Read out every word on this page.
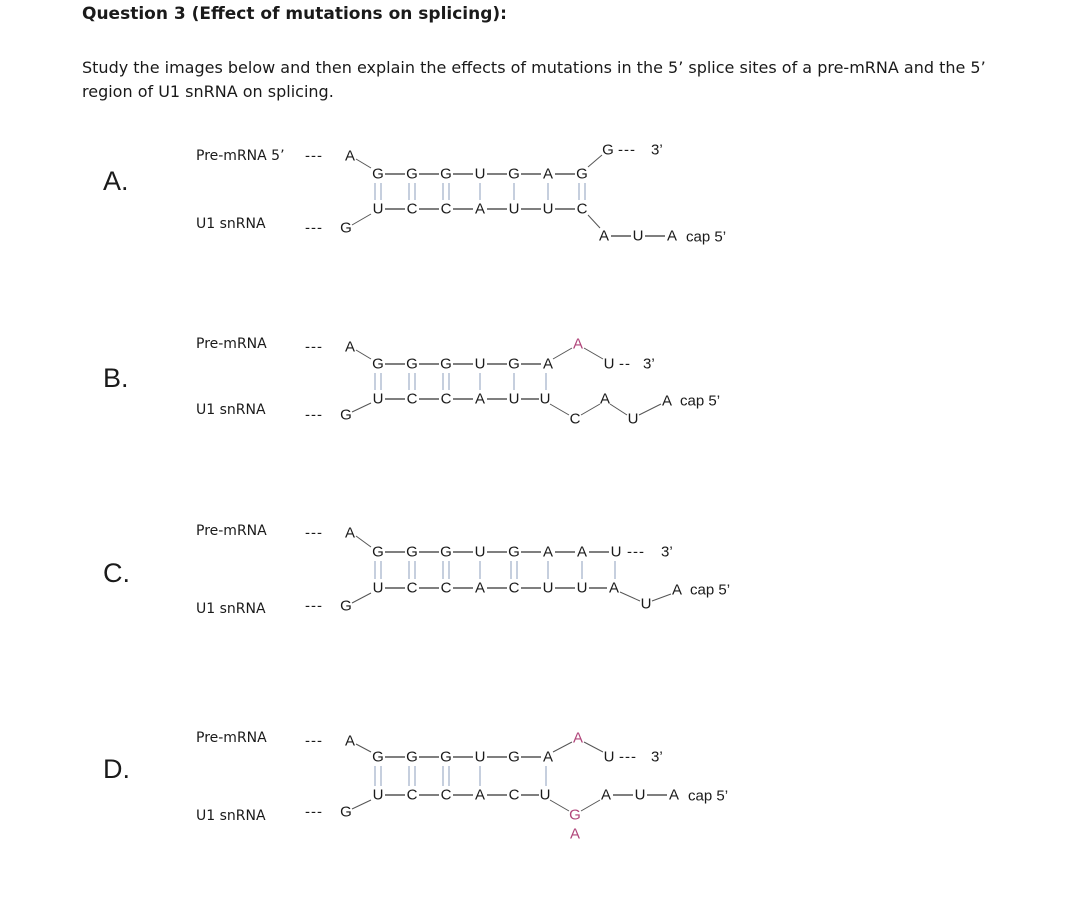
Question 3 (Effect of mutations on splicing):
Study the images below and then explain the effects of mutations in the 5’ splice sites of a pre-mRNA and the 5’ region of U1 snRNA on splicing.
A.
Pre-mRNA 5’
U1 snRNA
--- A
--- G
G G G U G A G
U C C A U U C
G --- 3’
A U A cap 5’
B.
Pre-mRNA
U1 snRNA
--- A
--- G
G G G U G A
A
U -- 3’
U C C A U U
C
A
U
A cap 5’
C.
Pre-mRNA
U1 snRNA
--- A
--- G
G G G U G A A U --- 3’
U C C A C U U A
U
A cap 5’
D.
Pre-mRNA
U1 snRNA
--- A
--- G
G G G U G A
A
U --- 3’
U C C A C U
G
A
A U A cap 5’
